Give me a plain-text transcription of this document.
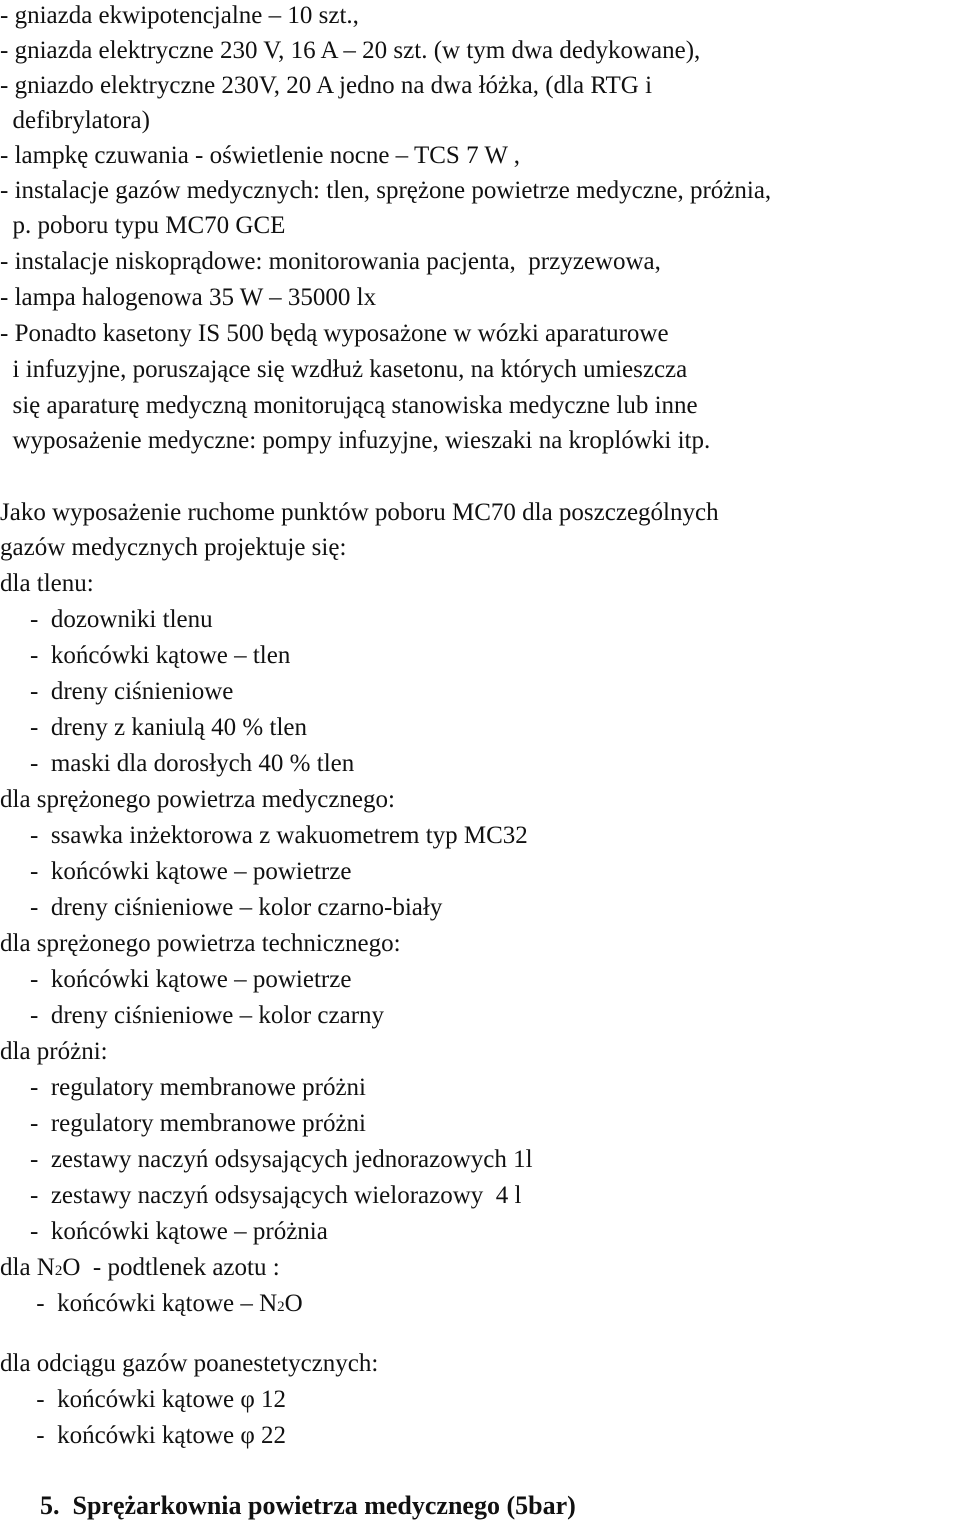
- gniazda ekwipotencjalne – 10 szt.,
- gniazda elektryczne 230 V, 16 A – 20 szt. (w tym dwa dedykowane),
- gniazdo elektryczne 230V, 20 A jedno na dwa łóżka, (dla RTG i
defibrylatora)
- lampkę czuwania - oświetlenie nocne – TCS 7 W ,
- instalacje gazów medycznych: tlen, sprężone powietrze medyczne, próżnia,
p. poboru typu MC70 GCE
- instalacje niskoprądowe: monitorowania pacjenta,  przyzewowa,
- lampa halogenowa 35 W – 35000 lx
- Ponadto kasetony IS 500 będą wyposażone w wózki aparaturowe
i infuzyjne, poruszające się wzdłuż kasetonu, na których umieszcza
się aparaturę medyczną monitorującą stanowiska medyczne lub inne
wyposażenie medyczne: pompy infuzyjne, wieszaki na kroplówki itp.
Jako wyposażenie ruchome punktów poboru MC70 dla poszczególnych
gazów medycznych projektuje się:
dla tlenu:
-  dozowniki tlenu
-  końcówki kątowe – tlen
-  dreny ciśnieniowe
-  dreny z kaniulą 40 % tlen
-  maski dla dorosłych 40 % tlen
dla sprężonego powietrza medycznego:
-  ssawka inżektorowa z wakuometrem typ MC32
-  końcówki kątowe – powietrze
-  dreny ciśnieniowe – kolor czarno-biały
dla sprężonego powietrza technicznego:
-  końcówki kątowe – powietrze
-  dreny ciśnieniowe – kolor czarny
dla próżni:
-  regulatory membranowe próżni
-  regulatory membranowe próżni
-  zestawy naczyń odsysających jednorazowych 1l
-  zestawy naczyń odsysających wielorazowy  4 l
-  końcówki kątowe – próżnia
dla N2O  - podtlenek azotu :
-  końcówki kątowe – N2O
dla odciągu gazów poanestetycznych:
-  końcówki kątowe φ 12
-  końcówki kątowe φ 22
5.  Sprężarkownia powietrza medycznego (5bar)
